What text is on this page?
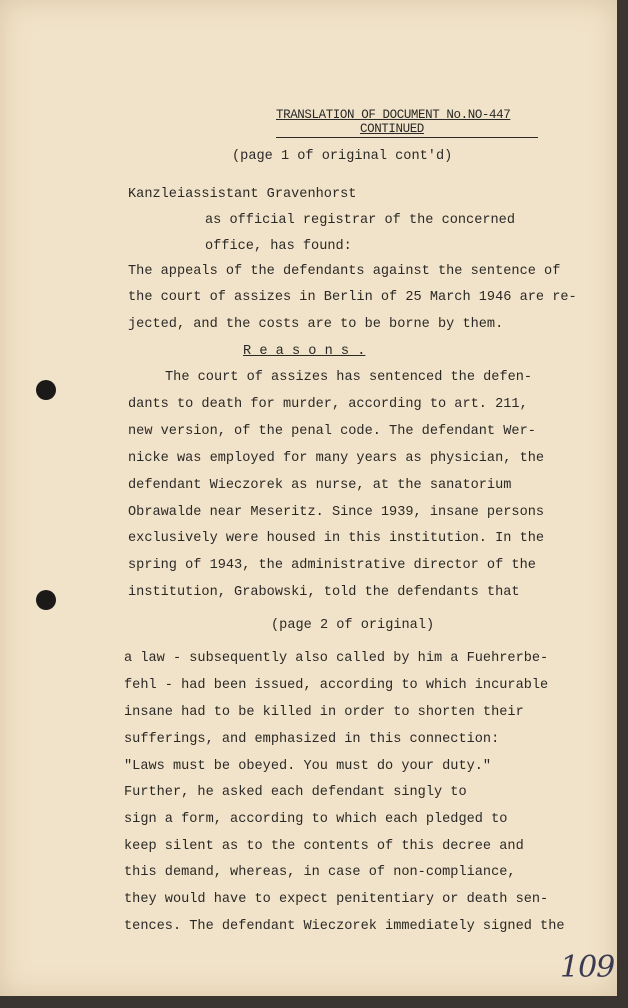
TRANSLATION OF DOCUMENT No.NO-447
CONTINUED
(page 1 of original cont'd)
Kanzleiassistant Gravenhorst
as official registrar of the concerned
office, has found:
The appeals of the defendants against the sentence of
the court of assizes in Berlin of 25 March 1946 are re-
jected, and the costs are to be borne by them.
R e a s o n s .
The court of assizes has sentenced the defen-
dants to death for murder, according to art. 211,
new version, of the penal code. The defendant Wer-
nicke was employed for many years as physician, the
defendant Wieczorek as nurse, at the sanatorium
Obrawalde near Meseritz. Since 1939, insane persons
exclusively were housed in this institution. In the
spring of 1943, the administrative director of the
institution, Grabowski, told the defendants that
(page 2 of original)
a law - subsequently also called by him a Fuehrerbe-
fehl - had been issued, according to which incurable
insane had to be killed in order to shorten their
sufferings, and emphasized in this connection:
"Laws must be obeyed. You must do your duty."
Further, he asked each defendant singly to
sign a form, according to which each pledged to
keep silent as to the contents of this decree and
this demand, whereas, in case of non-compliance,
they would have to expect penitentiary or death sen-
tences. The defendant Wieczorek immediately signed the
109
